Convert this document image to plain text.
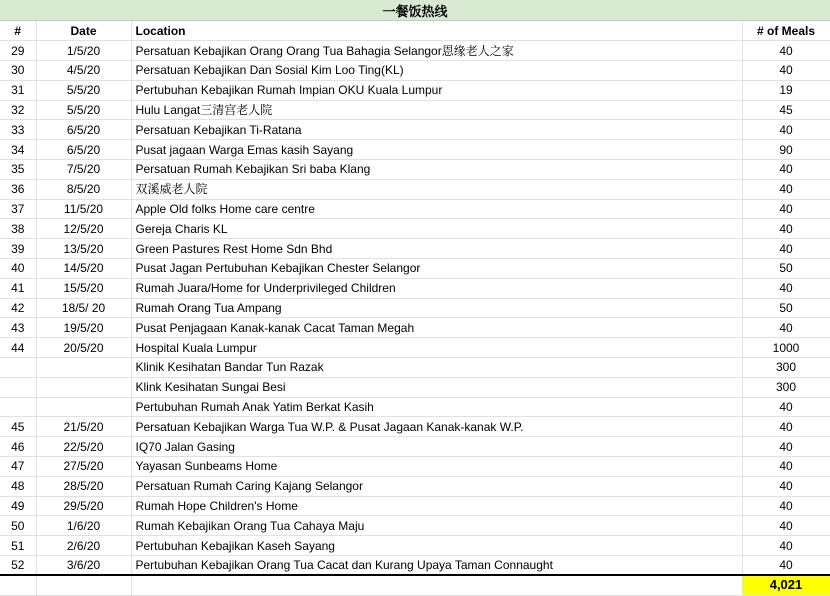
一餐饭热线
#	Date	Location	# of Meals
29	1/5/20	Persatuan Kebajikan Orang Orang Tua Bahagia Selangor恩缘老人之家	40
30	4/5/20	Persatuan Kebajikan Dan Sosial Kim Loo Ting(KL)	40
31	5/5/20	Pertubuhan Kebajikan Rumah Impian OKU Kuala Lumpur	19
32	5/5/20	Hulu Langat三清宫老人院	45
33	6/5/20	Persatuan Kebajikan Ti-Ratana	40
34	6/5/20	Pusat jagaan Warga Emas kasih Sayang	90
35	7/5/20	Persatuan Rumah Kebajikan Sri baba Klang	40
36	8/5/20	双溪威老人院	40
37	11/5/20	Apple Old folks Home care centre	40
38	12/5/20	Gereja Charis KL	40
39	13/5/20	Green Pastures Rest Home Sdn Bhd	40
40	14/5/20	Pusat Jagan Pertubuhan Kebajikan Chester Selangor	50
41	15/5/20	Rumah Juara/Home for Underprivileged Children	40
42	18/5/ 20	Rumah Orang Tua Ampang	50
43	19/5/20	Pusat Penjagaan Kanak-kanak Cacat Taman Megah	40
44	20/5/20	Hospital Kuala Lumpur	1000
		Klinik Kesihatan Bandar Tun Razak	300
		Klink Kesihatan Sungai Besi	300
		Pertubuhan Rumah Anak Yatim Berkat Kasih	40
45	21/5/20	Persatuan Kebajikan Warga Tua W.P. & Pusat Jagaan Kanak-kanak W.P.	40
46	22/5/20	IQ70 Jalan Gasing	40
47	27/5/20	Yayasan Sunbeams Home	40
48	28/5/20	Persatuan Rumah Caring Kajang Selangor	40
49	29/5/20	Rumah Hope Children's Home	40
50	1/6/20	Rumah Kebajikan Orang Tua Cahaya Maju	40
51	2/6/20	Pertubuhan Kebajikan Kaseh Sayang	40
52	3/6/20	Pertubuhan Kebajikan Orang Tua Cacat dan Kurang Upaya Taman Connaught	40
			4,021
